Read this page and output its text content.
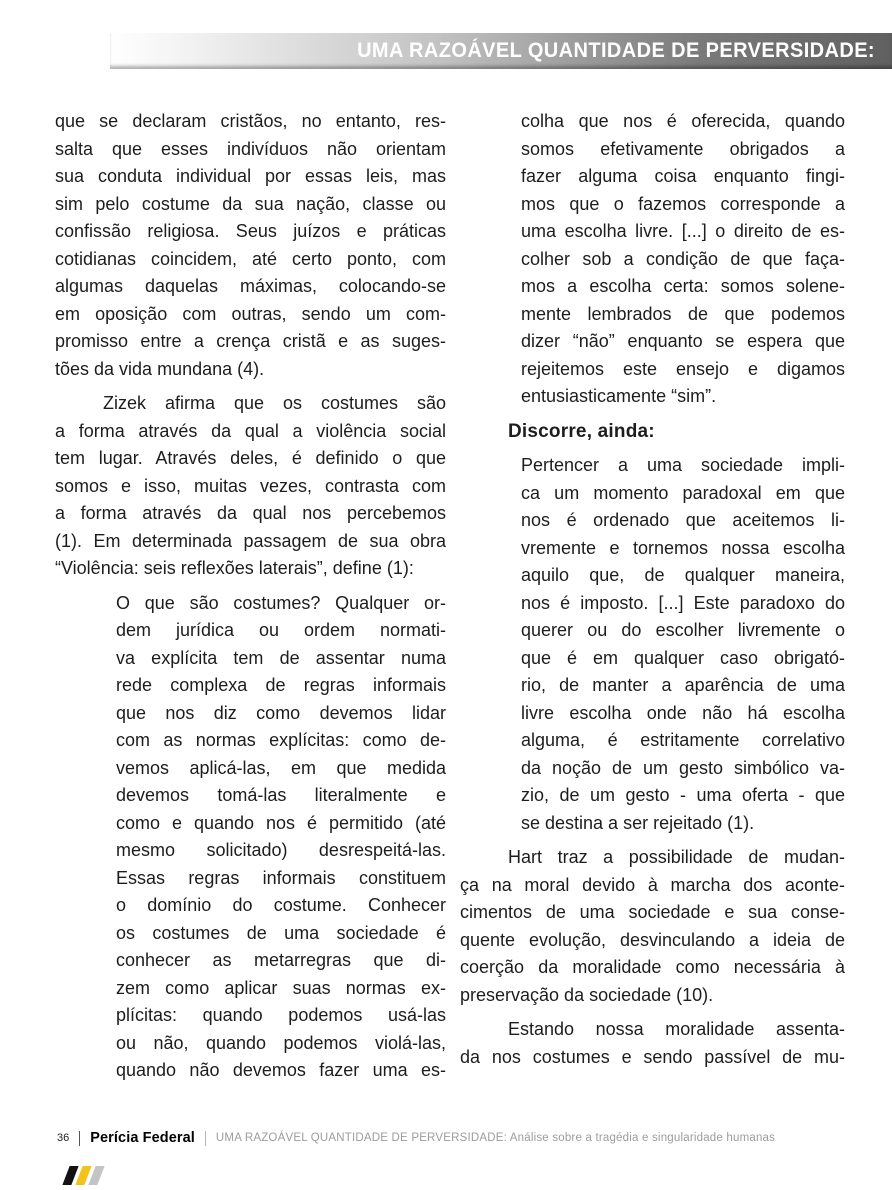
UMA RAZOÁVEL QUANTIDADE DE PERVERSIDADE:
que se declaram cristãos, no entanto, res-
salta que esses indivíduos não orientam
sua conduta individual por essas leis, mas
sim pelo costume da sua nação, classe ou
confissão religiosa. Seus juízos e práticas
cotidianas coincidem, até certo ponto, com
algumas daquelas máximas, colocando-se
em oposição com outras, sendo um com-
promisso entre a crença cristã e as suges-
tões da vida mundana (4).
Zizek afirma que os costumes são
a forma através da qual a violência social
tem lugar. Através deles, é definido o que
somos e isso, muitas vezes, contrasta com
a forma através da qual nos percebemos
(1). Em determinada passagem de sua obra
“Violência: seis reflexões laterais”, define (1):
O que são costumes? Qualquer or-
dem jurídica ou ordem normati-
va explícita tem de assentar numa
rede complexa de regras informais
que nos diz como devemos lidar
com as normas explícitas: como de-
vemos aplicá-las, em que medida
devemos tomá-las literalmente e
como e quando nos é permitido (até
mesmo solicitado) desrespeitá-las.
Essas regras informais constituem
o domínio do costume. Conhecer
os costumes de uma sociedade é
conhecer as metarregras que di-
zem como aplicar suas normas ex-
plícitas: quando podemos usá-las
ou não, quando podemos violá-las,
quando não devemos fazer uma es-
colha que nos é oferecida, quando
somos efetivamente obrigados a
fazer alguma coisa enquanto fingi-
mos que o fazemos corresponde a
uma escolha livre. [...] o direito de es-
colher sob a condição de que faça-
mos a escolha certa: somos solene-
mente lembrados de que podemos
dizer “não” enquanto se espera que
rejeitemos este ensejo e digamos
entusiasticamente “sim”.
Discorre, ainda:
Pertencer a uma sociedade impli-
ca um momento paradoxal em que
nos é ordenado que aceitemos li-
vremente e tornemos nossa escolha
aquilo que, de qualquer maneira,
nos é imposto. [...] Este paradoxo do
querer ou do escolher livremente o
que é em qualquer caso obrigató-
rio, de manter a aparência de uma
livre escolha onde não há escolha
alguma, é estritamente correlativo
da noção de um gesto simbólico va-
zio, de um gesto - uma oferta - que
se destina a ser rejeitado (1).
Hart traz a possibilidade de mudan-
ça na moral devido à marcha dos aconte-
cimentos de uma sociedade e sua conse-
quente evolução, desvinculando a ideia de
coerção da moralidade como necessária à
preservação da sociedade (10).
Estando nossa moralidade assenta-
da nos costumes e sendo passível de mu-
36 Perícia Federal UMA RAZOÁVEL QUANTIDADE DE PERVERSIDADE: Análise sobre a tragédia e singularidade humanas
